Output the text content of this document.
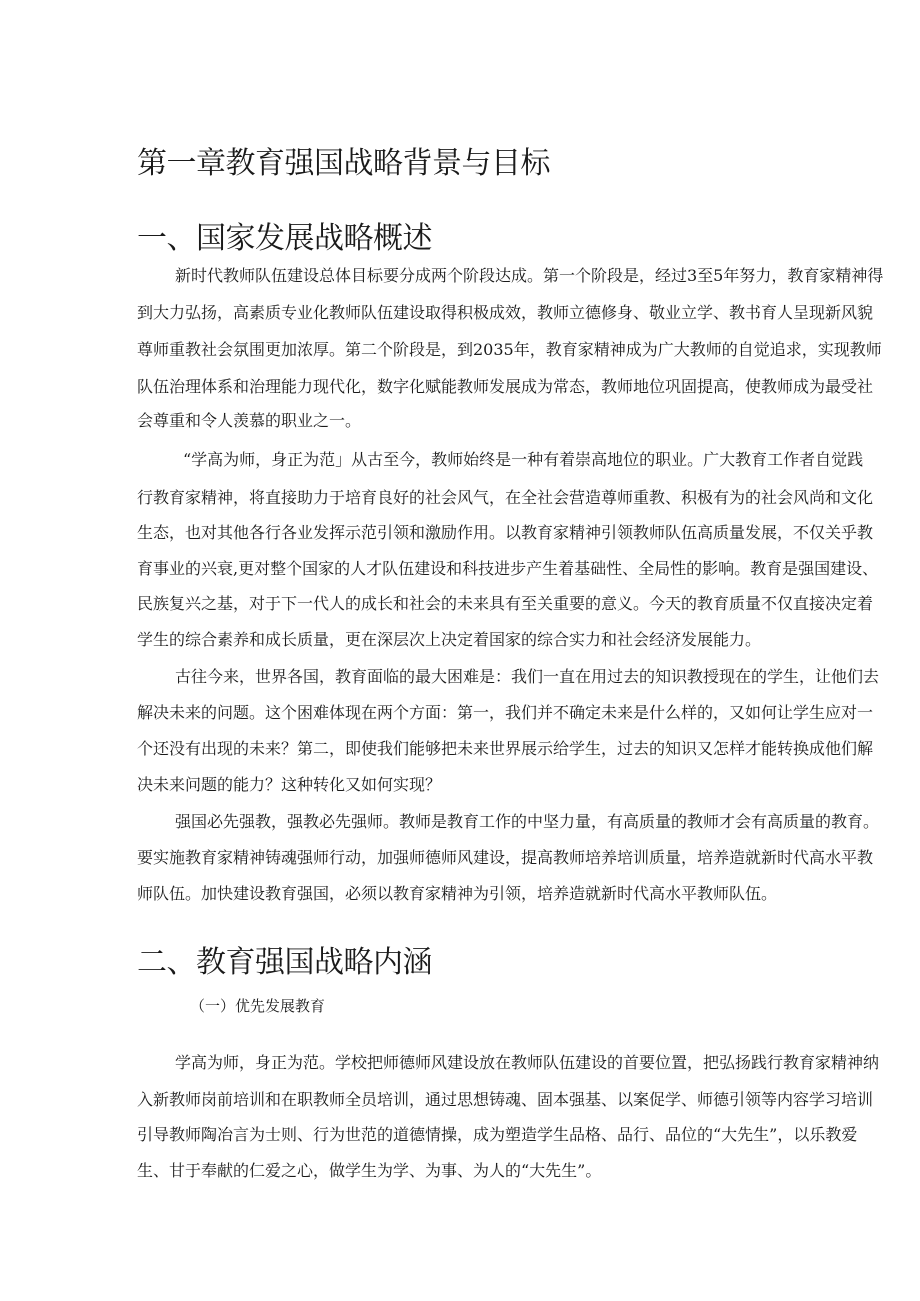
第一章教育强国战略背景与目标
一、国家发展战略概述
新时代教师队伍建设总体目标要分成两个阶段达成。第一个阶段是，经过3至5年努力，教育家精神得
到大力弘扬，高素质专业化教师队伍建设取得积极成效，教师立德修身、敬业立学、教书育人呈现新风貌
尊师重教社会氛围更加浓厚。第二个阶段是，到2035年，教育家精神成为广大教师的自觉追求，实现教师
队伍治理体系和治理能力现代化，数字化赋能教师发展成为常态，教师地位巩固提高，使教师成为最受社
会尊重和令人羡慕的职业之一。
“学高为师，身正为范」从古至今，教师始终是一种有着崇高地位的职业。广大教育工作者自觉践
行教育家精神，将直接助力于培育良好的社会风气，在全社会营造尊师重教、积极有为的社会风尚和文化
生态，也对其他各行各业发挥示范引领和激励作用。以教育家精神引领教师队伍高质量发展，不仅关乎教
育事业的兴衰,更对整个国家的人才队伍建设和科技进步产生着基础性、全局性的影响。教育是强国建设、
民族复兴之基，对于下一代人的成长和社会的未来具有至关重要的意义。今天的教育质量不仅直接决定着
学生的综合素养和成长质量，更在深层次上决定着国家的综合实力和社会经济发展能力。
古往今来，世界各国，教育面临的最大困难是：我们一直在用过去的知识教授现在的学生，让他们去
解决未来的问题。这个困难体现在两个方面：第一，我们并不确定未来是什么样的，又如何让学生应对一
个还没有出现的未来？第二，即使我们能够把未来世界展示给学生，过去的知识又怎样才能转换成他们解
决未来问题的能力？这种转化又如何实现？
强国必先强教，强教必先强师。教师是教育工作的中坚力量，有高质量的教师才会有高质量的教育。
要实施教育家精神铸魂强师行动，加强师德师风建设，提高教师培养培训质量，培养造就新时代高水平教
师队伍。加快建设教育强国，必须以教育家精神为引领，培养造就新时代高水平教师队伍。
二、教育强国战略内涵
（一）优先发展教育
学高为师，身正为范。学校把师德师风建设放在教师队伍建设的首要位置，把弘扬践行教育家精神纳
入新教师岗前培训和在职教师全员培训，通过思想铸魂、固本强基、以案促学、师德引领等内容学习培训
引导教师陶冶言为士则、行为世范的道德情操，成为塑造学生品格、品行、品位的“大先生”，以乐教爱
生、甘于奉献的仁爱之心，做学生为学、为事、为人的“大先生”。
